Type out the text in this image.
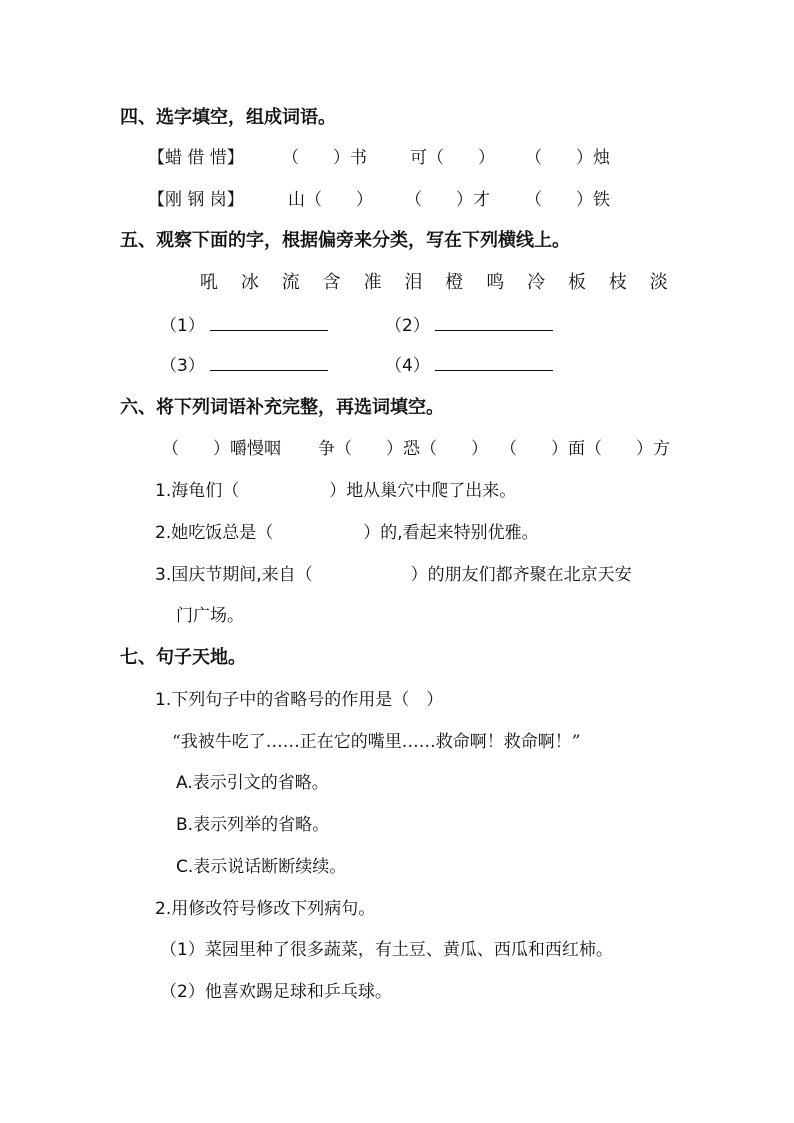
四、选字填空，组成词语。
【蜡 借 惜】 （　　）书	可（　　） （　　）烛
【刚 钢 岗】	山（　　） （　　）才 （　　）铁
五、观察下面的字，根据偏旁来分类，写在下列横线上。
吼 冰 流 含 准 泪 橙 鸣 冷 板 枝 淡
（1）	（2）
（3）	（4）
六、将下列词语补充完整，再选词填空。
（　　）嚼慢咽 争（　　）恐（　　） （　　）面（　　）方
1.海龟们（	）地从巢穴中爬了出来。
2.她吃饭总是（	）的,看起来特别优雅。
3.国庆节期间,来自（	）的朋友们都齐聚在北京天安
门广场。
七、句子天地。
1.下列句子中的省略号的作用是（　）
“我被牛吃了……正在它的嘴里……救命啊！救命啊！”
A.表示引文的省略。
B.表示列举的省略。
C.表示说话断断续续。
2.用修改符号修改下列病句。
（1）菜园里种了很多蔬菜，有土豆、黄瓜、西瓜和西红柿。
（2）他喜欢踢足球和乒乓球。
